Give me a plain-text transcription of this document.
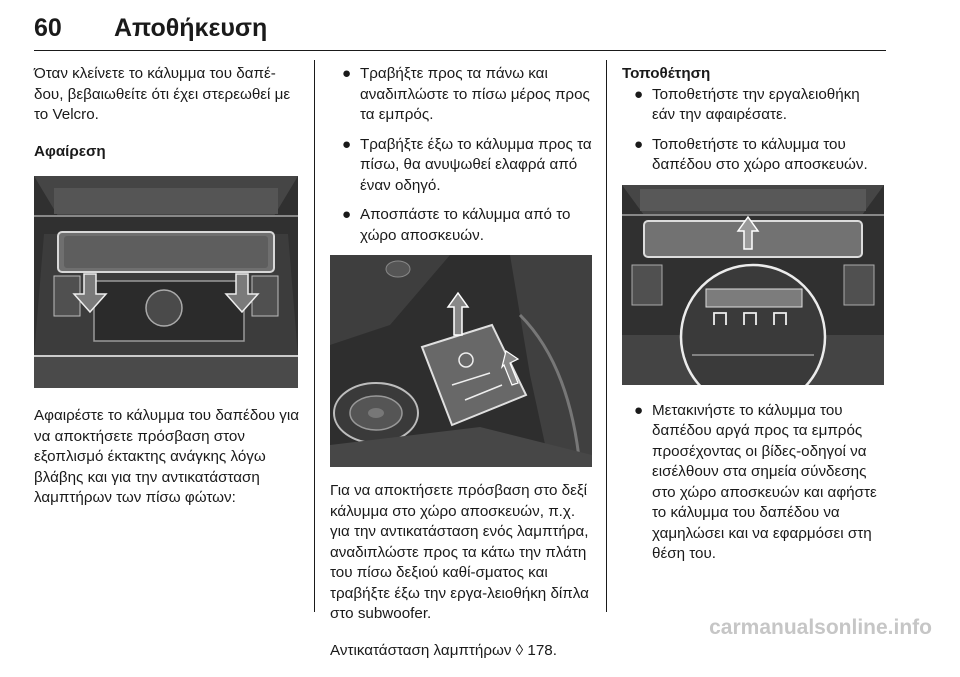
60 Αποθήκευση

Όταν κλείνετε το κάλυμμα του δαπέ-δου, βεβαιωθείτε ότι έχει στερεωθεί με το Velcro.

Αφαίρεση

Αφαιρέστε το κάλυμμα του δαπέδου για να αποκτήσετε πρόσβαση στον εξοπλισμό έκτακτης ανάγκης λόγω βλάβης και για την αντικατάσταση λαμπτήρων των πίσω φώτων:

● Τραβήξτε προς τα πάνω και αναδιπλώστε το πίσω μέρος προς τα εμπρός.

● Τραβήξτε έξω το κάλυμμα προς τα πίσω, θα ανυψωθεί ελαφρά από έναν οδηγό.

● Αποσπάστε το κάλυμμα από το χώρο αποσκευών.

Για να αποκτήσετε πρόσβαση στο δεξί κάλυμμα στο χώρο αποσκευών, π.χ. για την αντικατάσταση ενός λαμπτήρα, αναδιπλώστε προς τα κάτω την πλάτη του πίσω δεξιού καθί-σματος και τραβήξτε έξω την εργα-λειοθήκη δίπλα στο subwoofer.

Αντικατάσταση λαμπτήρων ◊ 178.

Τοποθέτηση

● Τοποθετήστε την εργαλειοθήκη εάν την αφαιρέσατε.

● Τοποθετήστε το κάλυμμα του δαπέδου στο χώρο αποσκευών.

● Μετακινήστε το κάλυμμα του δαπέδου αργά προς τα εμπρός προσέχοντας οι βίδες-οδηγοί να εισέλθουν στα σημεία σύνδεσης στο χώρο αποσκευών και αφήστε το κάλυμμα του δαπέδου να χαμηλώσει και να εφαρμόσει στη θέση του.

carmanualsonline.info
